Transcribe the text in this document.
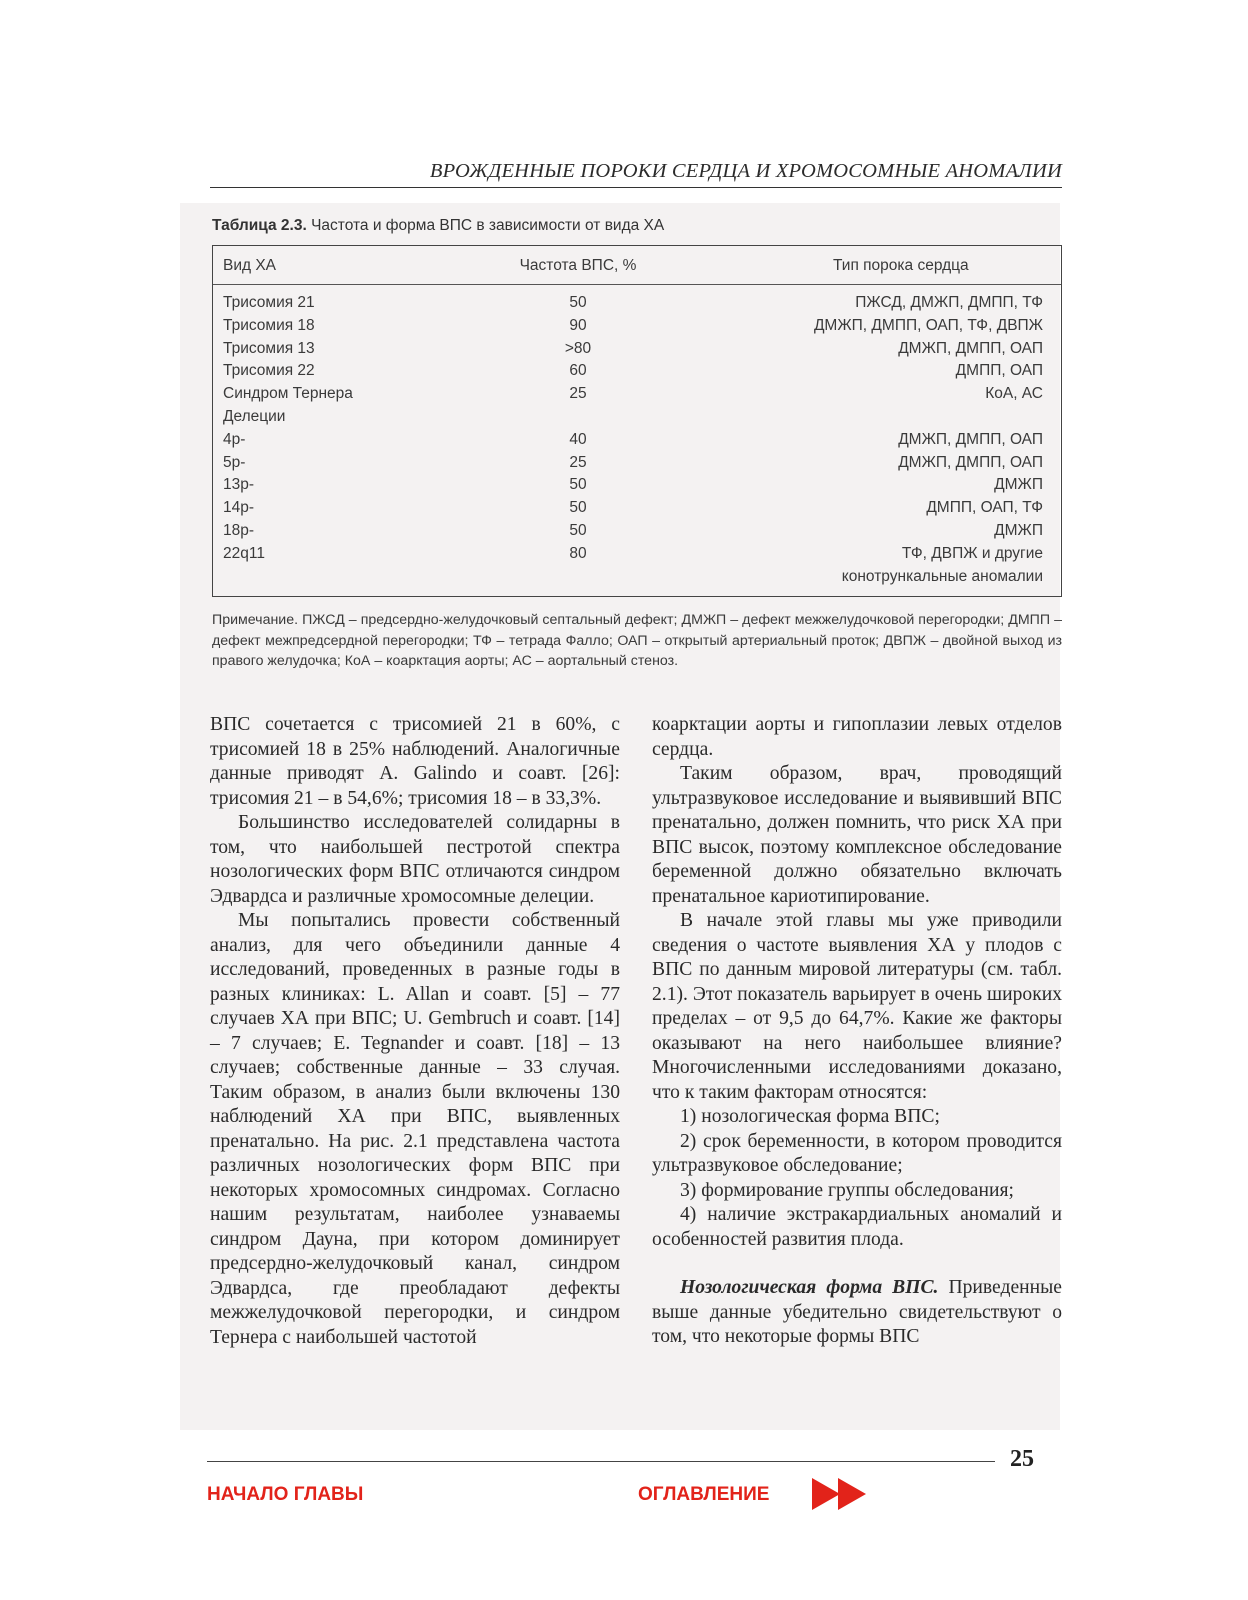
ВРОЖДЕННЫЕ ПОРОКИ СЕРДЦА И ХРОМОСОМНЫЕ АНОМАЛИИ
Таблица 2.3. Частота и форма ВПС в зависимости от вида ХА
Вид ХА	Частота ВПС, %	Тип порока сердца
Трисомия 21	50	ПЖСД, ДМЖП, ДМПП, ТФ
Трисомия 18	90	ДМЖП, ДМПП, ОАП, ТФ, ДВПЖ
Трисомия 13	>80	ДМЖП, ДМПП, ОАП
Трисомия 22	60	ДМПП, ОАП
Синдром Тернера	25	КоА, АС
Делеции
4р-	40	ДМЖП, ДМПП, ОАП
5р-	25	ДМЖП, ДМПП, ОАП
13р-	50	ДМЖП
14р-	50	ДМПП, ОАП, ТФ
18р-	50	ДМЖП
22q11	80	ТФ, ДВПЖ и другие
конотрункальные аномалии
Примечание. ПЖСД – предсердно-желудочковый септальный дефект; ДМЖП – дефект межжелудочковой перегородки; ДМПП – дефект межпредсердной перегородки; ТФ – тетрада Фалло; ОАП – открытый артериальный проток; ДВПЖ – двойной выход из правого желудочка; КоА – коарктация аорты; АС – аортальный стеноз.

ВПС сочетается с трисомией 21 в 60%, с трисомией 18 в 25% наблюдений. Аналогичные данные приводят A. Galindo и соавт. [26]: трисомия 21 – в 54,6%; трисомия 18 – в 33,3%.

Большинство исследователей солидарны в том, что наибольшей пестротой спектра нозологических форм ВПС отличаются синдром Эдвардса и различные хромосомные делеции.

Мы попытались провести собственный анализ, для чего объединили данные 4 исследований, проведенных в разные годы в разных клиниках: L. Allan и соавт. [5] – 77 случаев ХА при ВПС; U. Gembruch и соавт. [14] – 7 случаев; E. Tegnander и соавт. [18] – 13 случаев; собственные данные – 33 случая. Таким образом, в анализ были включены 130 наблюдений ХА при ВПС, выявленных пренатально. На рис. 2.1 представлена частота различных нозологических форм ВПС при некоторых хромосомных синдромах. Согласно нашим результатам, наиболее узнаваемы синдром Дауна, при котором доминирует предсердно-желудочковый канал, синдром Эдвардса, где преобладают дефекты межжелудочковой перегородки, и синдром Тернера с наибольшей частотой

коарктации аорты и гипоплазии левых отделов сердца.

Таким образом, врач, проводящий ультразвуковое исследование и выявивший ВПС пренатально, должен помнить, что риск ХА при ВПС высок, поэтому комплексное обследование беременной должно обязательно включать пренатальное кариотипирование.

В начале этой главы мы уже приводили сведения о частоте выявления ХА у плодов с ВПС по данным мировой литературы (см. табл. 2.1). Этот показатель варьирует в очень широких пределах – от 9,5 до 64,7%. Какие же факторы оказывают на него наибольшее влияние? Многочисленными исследованиями доказано, что к таким факторам относятся:

1) нозологическая форма ВПС;

2) срок беременности, в котором проводится ультразвуковое обследование;

3) формирование группы обследования;

4) наличие экстракардиальных аномалий и особенностей развития плода.

Нозологическая форма ВПС. Приведенные выше данные убедительно свидетельствуют о том, что некоторые формы ВПС

25
НАЧАЛО ГЛАВЫ	ОГЛАВЛЕНИЕ
